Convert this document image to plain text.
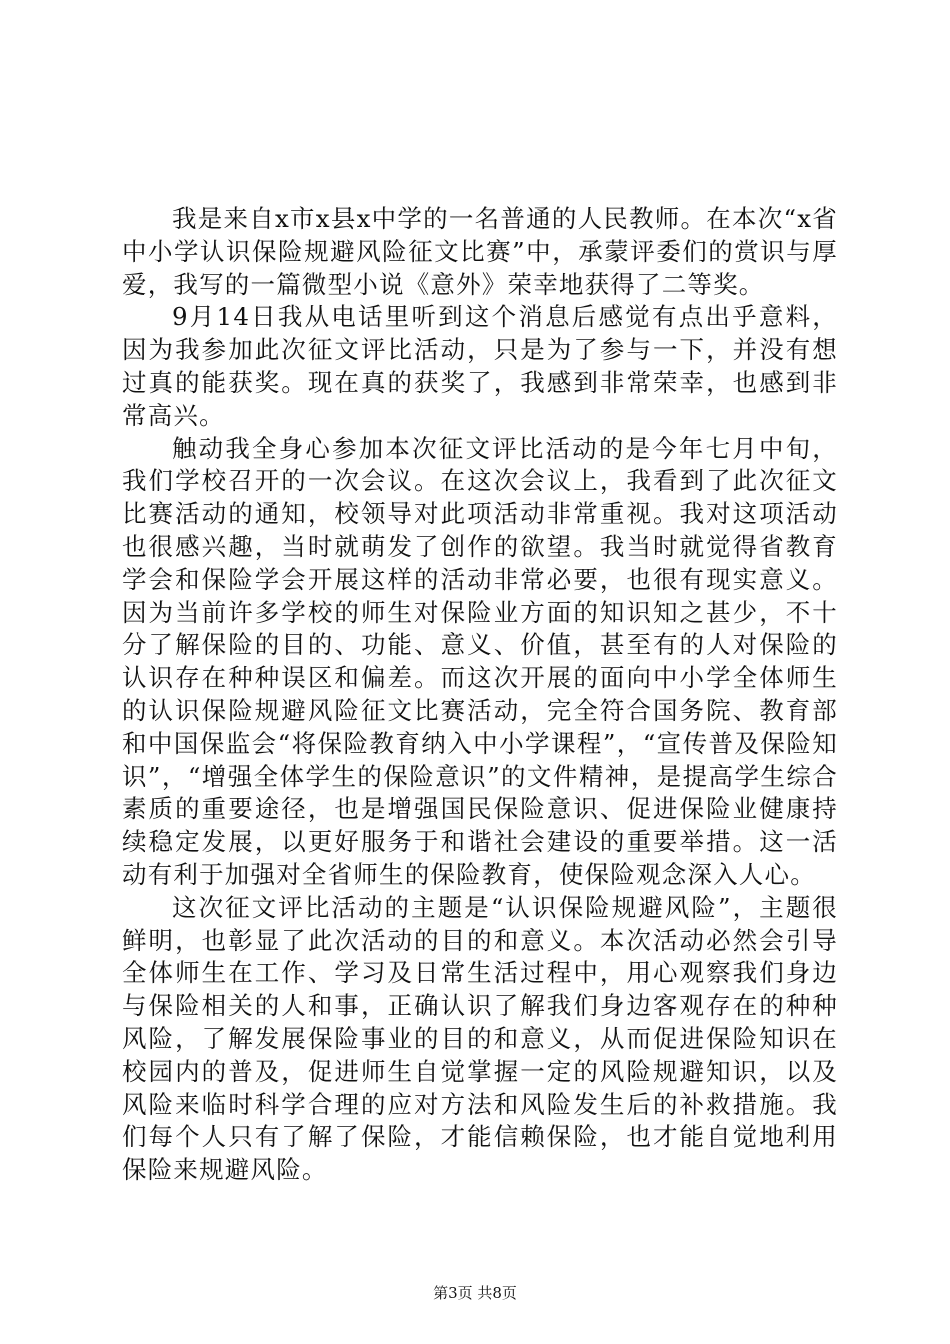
我是来自x市x县x中学的一名普通的人民教师。在本次“x省中小学认识保险规避风险征文比赛”中，承蒙评委们的赏识与厚爱，我写的一篇微型小说《意外》荣幸地获得了二等奖。

9月14日我从电话里听到这个消息后感觉有点出乎意料，因为我参加此次征文评比活动，只是为了参与一下，并没有想过真的能获奖。现在真的获奖了，我感到非常荣幸，也感到非常高兴。

触动我全身心参加本次征文评比活动的是今年七月中旬，我们学校召开的一次会议。在这次会议上，我看到了此次征文比赛活动的通知，校领导对此项活动非常重视。我对这项活动也很感兴趣，当时就萌发了创作的欲望。我当时就觉得省教育学会和保险学会开展这样的活动非常必要，也很有现实意义。因为当前许多学校的师生对保险业方面的知识知之甚少，不十分了解保险的目的、功能、意义、价值，甚至有的人对保险的认识存在种种误区和偏差。而这次开展的面向中小学全体师生的认识保险规避风险征文比赛活动，完全符合国务院、教育部和中国保监会“将保险教育纳入中小学课程”，“宣传普及保险知识”，“增强全体学生的保险意识”的文件精神，是提高学生综合素质的重要途径，也是增强国民保险意识、促进保险业健康持续稳定发展，以更好服务于和谐社会建设的重要举措。这一活动有利于加强对全省师生的保险教育，使保险观念深入人心。

这次征文评比活动的主题是“认识保险规避风险”，主题很鲜明，也彰显了此次活动的目的和意义。本次活动必然会引导全体师生在工作、学习及日常生活过程中，用心观察我们身边与保险相关的人和事，正确认识了解我们身边客观存在的种种风险，了解发展保险事业的目的和意义，从而促进保险知识在校园内的普及，促进师生自觉掌握一定的风险规避知识，以及风险来临时科学合理的应对方法和风险发生后的补救措施。我们每个人只有了解了保险，才能信赖保险，也才能自觉地利用保险来规避风险。

第3页 共8页
